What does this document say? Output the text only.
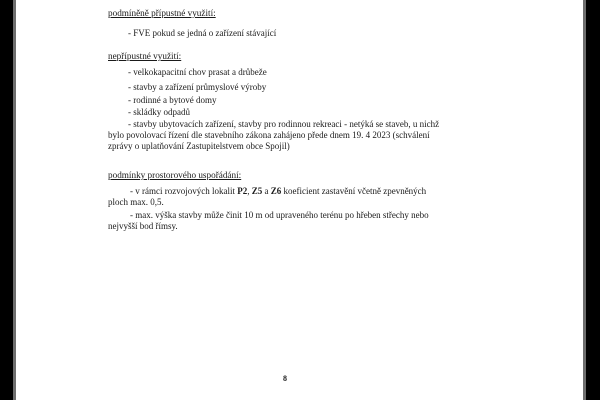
podmíněně přípustné využití:
- FVE pokud se jedná o zařízení stávající
nepřípustné využití:
- velkokapacitní chov prasat a drůbeže
- stavby a zařízení průmyslové výroby
- rodinné a bytové domy
- skládky odpadů
- stavby ubytovacích zařízení, stavby pro rodinnou rekreaci - netýká se staveb, u nichž
bylo povolovací řízení dle stavebního zákona zahájeno přede dnem 19. 4 2023 (schválení
zprávy o uplatňování Zastupitelstvem obce Spojil)
podmínky prostorového uspořádání:
- v rámci rozvojových lokalit P2, Z5 a Z6 koeficient zastavění včetně zpevněných
ploch max. 0,5.
- max. výška stavby může činit 10 m od upraveného terénu po hřeben střechy nebo
nejvyšší bod římsy.
8
